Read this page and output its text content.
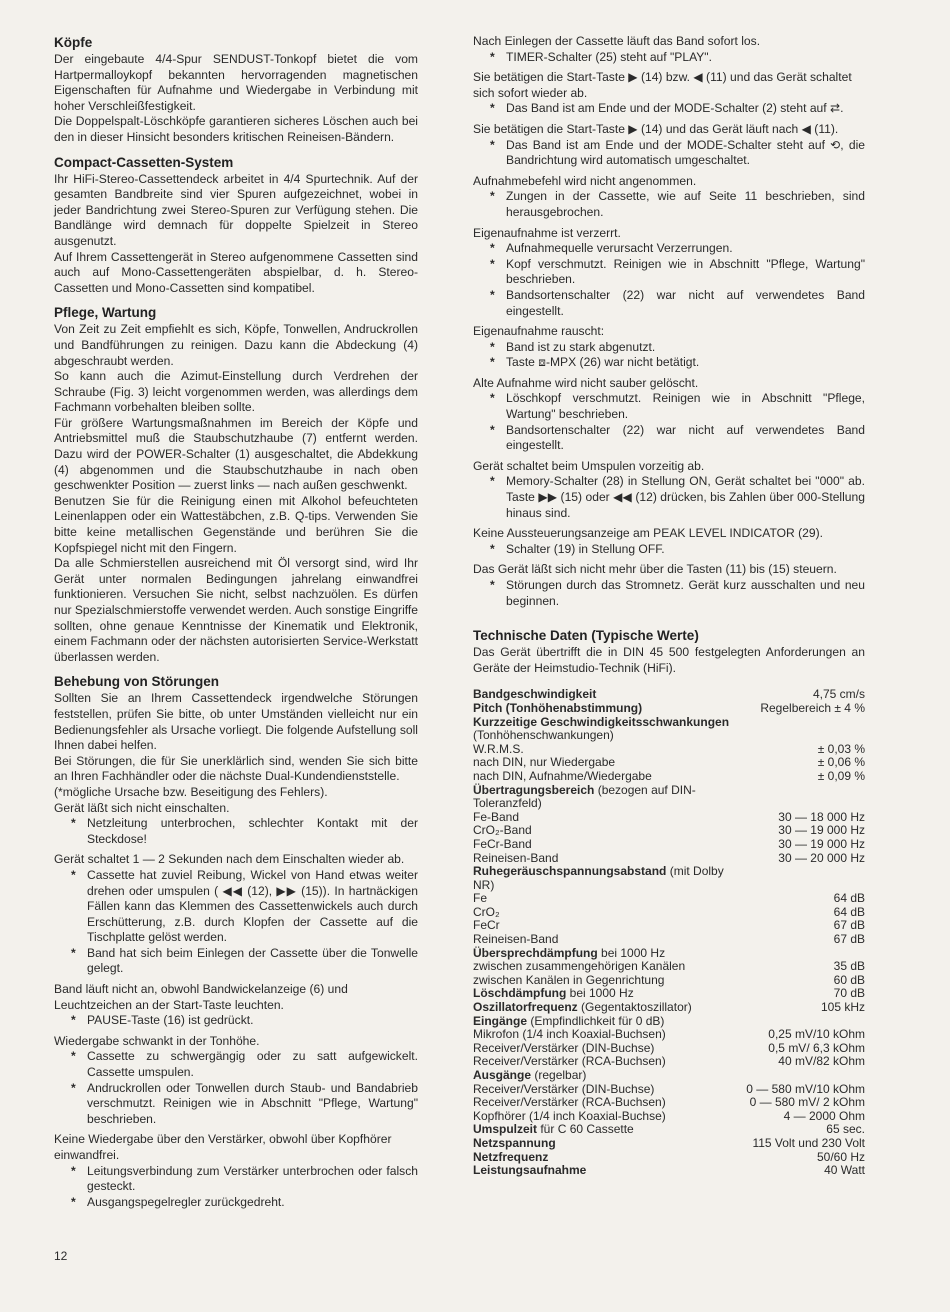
Köpfe

Der eingebaute 4/4-Spur SENDUST-Tonkopf bietet die vom Hartpermalloykopf bekannten hervorragenden magnetischen Eigenschaften für Aufnahme und Wiedergabe in Verbindung mit hoher Verschleißfestigkeit.

Die Doppelspalt-Löschköpfe garantieren sicheres Löschen auch bei den in dieser Hinsicht besonders kritischen Reineisen-Bändern.

Compact-Cassetten-System

Ihr HiFi-Stereo-Cassettendeck arbeitet in 4/4 Spurtechnik. Auf der gesamten Bandbreite sind vier Spuren aufgezeichnet, wobei in jeder Bandrichtung zwei Stereo-Spuren zur Verfügung stehen. Die Bandlänge wird demnach für doppelte Spielzeit in Stereo ausgenutzt.

Auf Ihrem Cassettengerät in Stereo aufgenommene Cassetten sind auch auf Mono-Cassettengeräten abspielbar, d. h. Stereo-Cassetten und Mono-Cassetten sind kompatibel.

Pflege, Wartung

Von Zeit zu Zeit empfiehlt es sich, Köpfe, Tonwellen, Andruckrollen und Bandführungen zu reinigen. Dazu kann die Abdeckung (4) abgeschraubt werden.

So kann auch die Azimut-Einstellung durch Verdrehen der Schraube (Fig. 3) leicht vorgenommen werden, was allerdings dem Fachmann vorbehalten bleiben sollte.

Für größere Wartungsmaßnahmen im Bereich der Köpfe und Antriebsmittel muß die Staubschutzhaube (7) entfernt werden. Dazu wird der POWER-Schalter (1) ausgeschaltet, die Abdekkung (4) abgenommen und die Staubschutzhaube in nach oben geschwenkter Position — zuerst links — nach außen geschwenkt.

Benutzen Sie für die Reinigung einen mit Alkohol befeuchteten Leinenlappen oder ein Wattestäbchen, z.B. Q-tips. Verwenden Sie bitte keine metallischen Gegenstände und berühren Sie die Kopfspiegel nicht mit den Fingern.

Da alle Schmierstellen ausreichend mit Öl versorgt sind, wird Ihr Gerät unter normalen Bedingungen jahrelang einwandfrei funktionieren. Versuchen Sie nicht, selbst nachzuölen. Es dürfen nur Spezialschmierstoffe verwendet werden. Auch sonstige Eingriffe sollten, ohne genaue Kenntnisse der Kinematik und Elektronik, einem Fachmann oder der nächsten autorisierten Service-Werkstatt überlassen werden.

Behebung von Störungen

Sollten Sie an Ihrem Cassettendeck irgendwelche Störungen feststellen, prüfen Sie bitte, ob unter Umständen vielleicht nur ein Bedienungsfehler als Ursache vorliegt. Die folgende Aufstellung soll Ihnen dabei helfen.

Bei Störungen, die für Sie unerklärlich sind, wenden Sie sich bitte an Ihren Fachhändler oder die nächste Dual-Kundendienststelle.

(*mögliche Ursache bzw. Beseitigung des Fehlers).

Gerät läßt sich nicht einschalten.

* Netzleitung unterbrochen, schlechter Kontakt mit der Steckdose!

Gerät schaltet 1 — 2 Sekunden nach dem Einschalten wieder ab.

* Cassette hat zuviel Reibung, Wickel von Hand etwas weiter drehen oder umspulen ( ◀◀ (12), ▶▶ (15)). In hartnäckigen Fällen kann das Klemmen des Cassettenwickels auch durch Erschütterung, z.B. durch Klopfen der Cassette auf die Tischplatte gelöst werden.

* Band hat sich beim Einlegen der Cassette über die Tonwelle gelegt.

Band läuft nicht an, obwohl Bandwickelanzeige (6) und Leuchtzeichen an der Start-Taste leuchten.

* PAUSE-Taste (16) ist gedrückt.

Wiedergabe schwankt in der Tonhöhe.

* Cassette zu schwergängig oder zu satt aufgewickelt. Cassette umspulen.

* Andruckrollen oder Tonwellen durch Staub- und Bandabrieb verschmutzt. Reinigen wie in Abschnitt "Pflege, Wartung" beschrieben.

Keine Wiedergabe über den Verstärker, obwohl über Kopfhörer einwandfrei.

* Leitungsverbindung zum Verstärker unterbrochen oder falsch gesteckt.

* Ausgangspegelregler zurückgedreht.

12

Nach Einlegen der Cassette läuft das Band sofort los.

* TIMER-Schalter (25) steht auf "PLAY".

Sie betätigen die Start-Taste ▶ (14) bzw. ◀ (11) und das Gerät schaltet sich sofort wieder ab.

* Das Band ist am Ende und der MODE-Schalter (2) steht auf ⇄.

Sie betätigen die Start-Taste ▶ (14) und das Gerät läuft nach ◀ (11).

* Das Band ist am Ende und der MODE-Schalter steht auf ⟲, die Bandrichtung wird automatisch umgeschaltet.

Aufnahmebefehl wird nicht angenommen.

* Zungen in der Cassette, wie auf Seite 11 beschrieben, sind herausgebrochen.

Eigenaufnahme ist verzerrt.

* Aufnahmequelle verursacht Verzerrungen.

* Kopf verschmutzt. Reinigen wie in Abschnitt "Pflege, Wartung" beschrieben.

* Bandsortenschalter (22) war nicht auf verwendetes Band eingestellt.

Eigenaufnahme rauscht:

* Band ist zu stark abgenutzt.

* Taste ⧈-MPX (26) war nicht betätigt.

Alte Aufnahme wird nicht sauber gelöscht.

* Löschkopf verschmutzt. Reinigen wie in Abschnitt "Pflege, Wartung" beschrieben.

* Bandsortenschalter (22) war nicht auf verwendetes Band eingestellt.

Gerät schaltet beim Umspulen vorzeitig ab.

* Memory-Schalter (28) in Stellung ON, Gerät schaltet bei "000" ab. Taste ▶▶ (15) oder ◀◀ (12) drücken, bis Zahlen über 000-Stellung hinaus sind.

Keine Aussteuerungsanzeige am PEAK LEVEL INDICATOR (29).

* Schalter (19) in Stellung OFF.

Das Gerät läßt sich nicht mehr über die Tasten (11) bis (15) steuern.

* Störungen durch das Stromnetz. Gerät kurz ausschalten und neu beginnen.

Technische Daten (Typische Werte)

Das Gerät übertrifft die in DIN 45 500 festgelegten Anforderungen an Geräte der Heimstudio-Technik (HiFi).

Bandgeschwindigkeit	4,75 cm/s
Pitch (Tonhöhenabstimmung)	Regelbereich ± 4 %
Kurzzeitige Geschwindigkeitsschwankungen	
(Tonhöhenschwankungen)	
W.R.M.S.	± 0,03 %
nach DIN, nur Wiedergabe	± 0,06 %
nach DIN, Aufnahme/Wiedergabe	± 0,09 %
Übertragungsbereich (bezogen auf DIN-Toleranzfeld)	
Fe-Band	30 — 18 000 Hz
CrO₂-Band	30 — 19 000 Hz
FeCr-Band	30 — 19 000 Hz
Reineisen-Band	30 — 20 000 Hz
Ruhegeräuschspannungsabstand (mit Dolby NR)	
Fe	64 dB
CrO₂	64 dB
FeCr	67 dB
Reineisen-Band	67 dB
Übersprechdämpfung bei 1000 Hz	
zwischen zusammengehörigen Kanälen	35 dB
zwischen Kanälen in Gegenrichtung	60 dB
Löschdämpfung bei 1000 Hz	70 dB
Oszillatorfrequenz (Gegentaktoszillator)	105 kHz
Eingänge (Empfindlichkeit für 0 dB)	
Mikrofon (1/4 inch Koaxial-Buchsen)	0,25 mV/10 kOhm
Receiver/Verstärker (DIN-Buchse)	0,5 mV/ 6,3 kOhm
Receiver/Verstärker (RCA-Buchsen)	40 mV/82 kOhm
Ausgänge (regelbar)	
Receiver/Verstärker (DIN-Buchse)	0 — 580 mV/10 kOhm
Receiver/Verstärker (RCA-Buchsen)	0 — 580 mV/ 2 kOhm
Kopfhörer (1/4 inch Koaxial-Buchse)	4 — 2000 Ohm
Umspulzeit für C 60 Cassette	65 sec.
Netzspannung	115 Volt und 230 Volt
Netzfrequenz	50/60 Hz
Leistungsaufnahme	40 Watt
